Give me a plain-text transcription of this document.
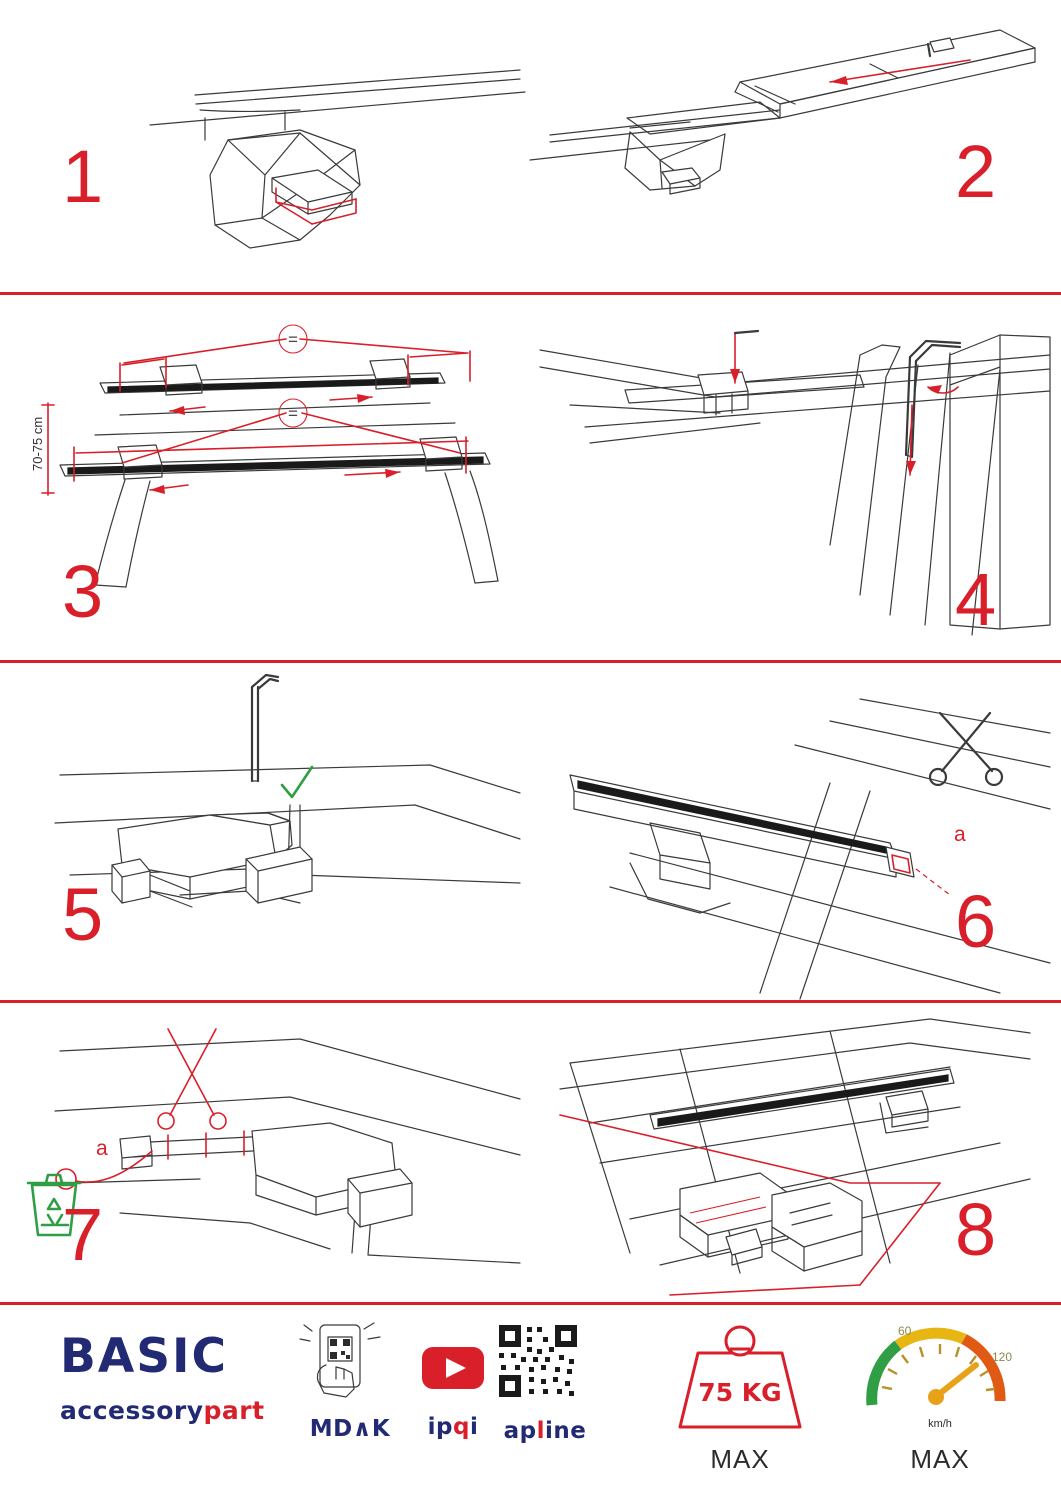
1	2
=
=
70-75 cm
3	4
5
a
6
a
7	8
BASIC
accessorypart
MD∧K	ipqi	apline
75 KG
MAX
60
120
km/h
MAX
